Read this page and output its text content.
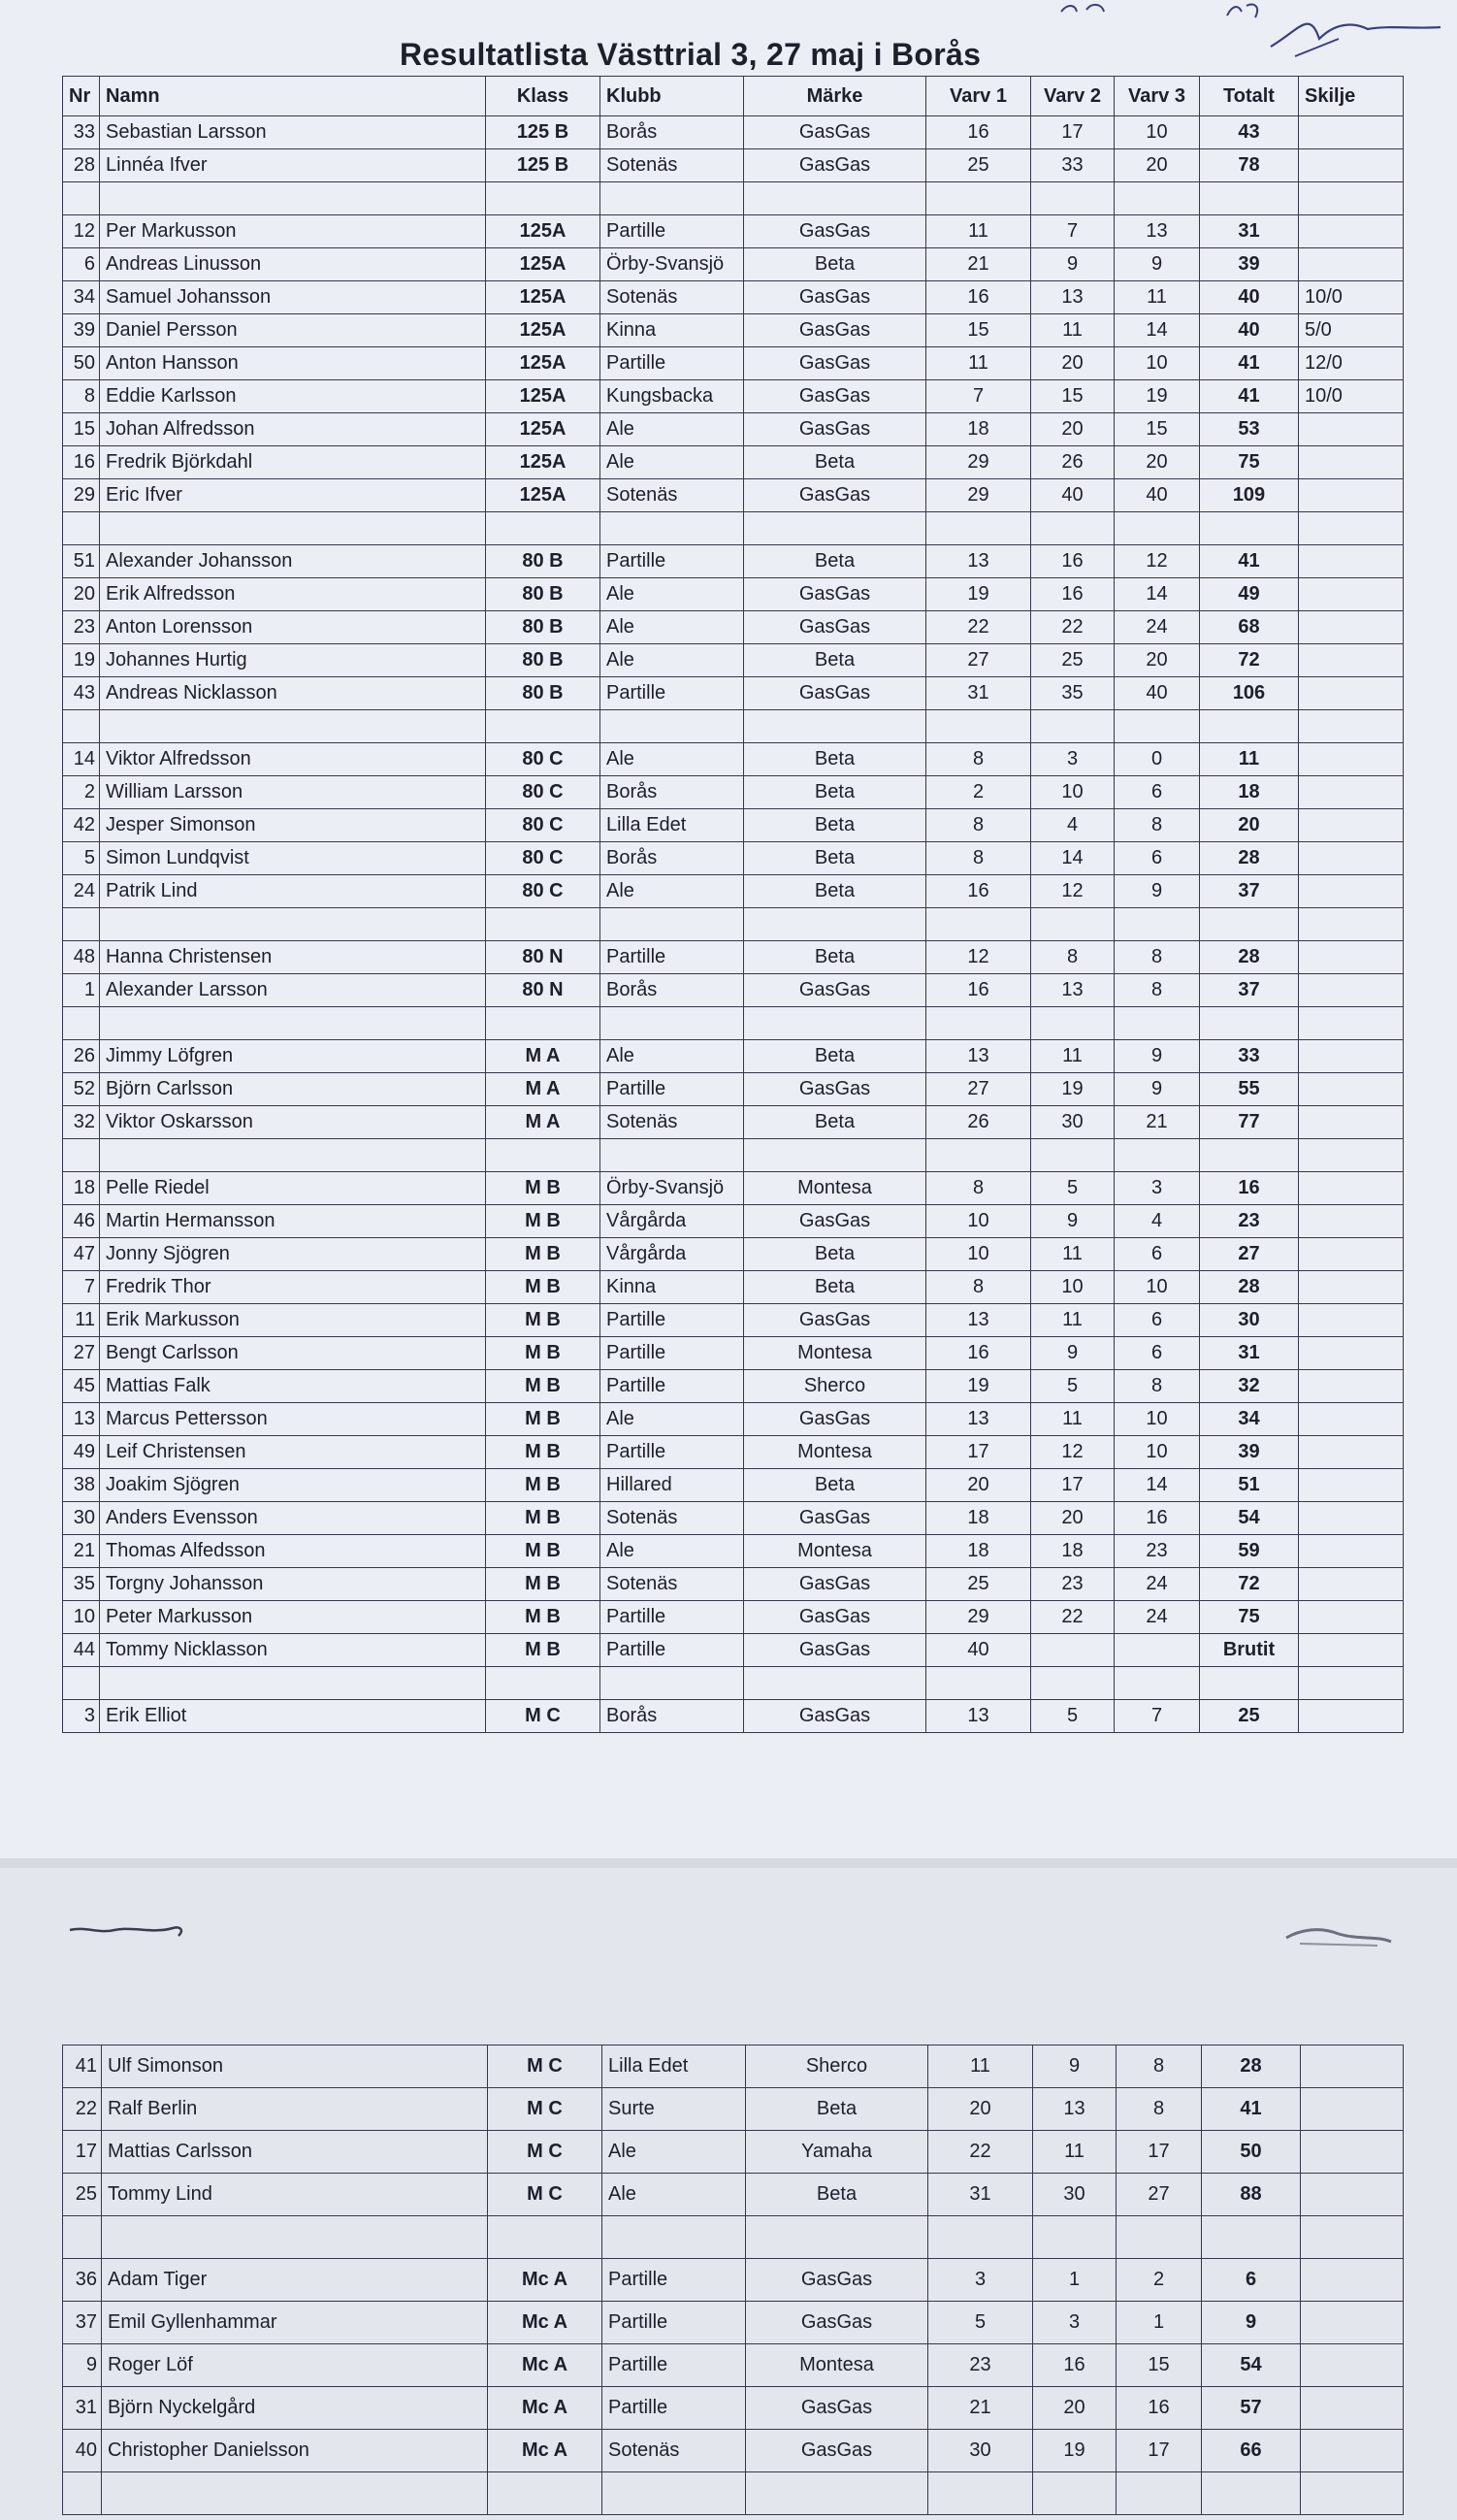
Resultatlista Västtrial 3, 27 maj i Borås
Nr	Namn	Klass	Klubb	Märke	Varv 1	Varv 2	Varv 3	Totalt	Skilje
33	Sebastian Larsson	125 B	Borås	GasGas	16	17	10	43	
28	Linnéa Ifver	125 B	Sotenäs	GasGas	25	33	20	78	

12	Per Markusson	125A	Partille	GasGas	11	7	13	31	
6	Andreas Linusson	125A	Örby-Svansjö	Beta	21	9	9	39	
34	Samuel Johansson	125A	Sotenäs	GasGas	16	13	11	40	10/0
39	Daniel Persson	125A	Kinna	GasGas	15	11	14	40	5/0
50	Anton Hansson	125A	Partille	GasGas	11	20	10	41	12/0
8	Eddie Karlsson	125A	Kungsbacka	GasGas	7	15	19	41	10/0
15	Johan Alfredsson	125A	Ale	GasGas	18	20	15	53	
16	Fredrik Björkdahl	125A	Ale	Beta	29	26	20	75	
29	Eric Ifver	125A	Sotenäs	GasGas	29	40	40	109	

51	Alexander Johansson	80 B	Partille	Beta	13	16	12	41	
20	Erik Alfredsson	80 B	Ale	GasGas	19	16	14	49	
23	Anton Lorensson	80 B	Ale	GasGas	22	22	24	68	
19	Johannes Hurtig	80 B	Ale	Beta	27	25	20	72	
43	Andreas Nicklasson	80 B	Partille	GasGas	31	35	40	106	

14	Viktor Alfredsson	80 C	Ale	Beta	8	3	0	11	
2	William Larsson	80 C	Borås	Beta	2	10	6	18	
42	Jesper Simonson	80 C	Lilla Edet	Beta	8	4	8	20	
5	Simon Lundqvist	80 C	Borås	Beta	8	14	6	28	
24	Patrik Lind	80 C	Ale	Beta	16	12	9	37	

48	Hanna Christensen	80 N	Partille	Beta	12	8	8	28	
1	Alexander Larsson	80 N	Borås	GasGas	16	13	8	37	

26	Jimmy Löfgren	M A	Ale	Beta	13	11	9	33	
52	Björn Carlsson	M A	Partille	GasGas	27	19	9	55	
32	Viktor Oskarsson	M A	Sotenäs	Beta	26	30	21	77	

18	Pelle Riedel	M B	Örby-Svansjö	Montesa	8	5	3	16	
46	Martin Hermansson	M B	Vårgårda	GasGas	10	9	4	23	
47	Jonny Sjögren	M B	Vårgårda	Beta	10	11	6	27	
7	Fredrik Thor	M B	Kinna	Beta	8	10	10	28	
11	Erik Markusson	M B	Partille	GasGas	13	11	6	30	
27	Bengt Carlsson	M B	Partille	Montesa	16	9	6	31	
45	Mattias Falk	M B	Partille	Sherco	19	5	8	32	
13	Marcus Pettersson	M B	Ale	GasGas	13	11	10	34	
49	Leif Christensen	M B	Partille	Montesa	17	12	10	39	
38	Joakim Sjögren	M B	Hillared	Beta	20	17	14	51	
30	Anders Evensson	M B	Sotenäs	GasGas	18	20	16	54	
21	Thomas Alfedsson	M B	Ale	Montesa	18	18	23	59	
35	Torgny Johansson	M B	Sotenäs	GasGas	25	23	24	72	
10	Peter Markusson	M B	Partille	GasGas	29	22	24	75	
44	Tommy Nicklasson	M B	Partille	GasGas	40			Brutit	

3	Erik Elliot	M C	Borås	GasGas	13	5	7	25	
41	Ulf Simonson	M C	Lilla Edet	Sherco	11	9	8	28	
22	Ralf Berlin	M C	Surte	Beta	20	13	8	41	
17	Mattias Carlsson	M C	Ale	Yamaha	22	11	17	50	
25	Tommy Lind	M C	Ale	Beta	31	30	27	88	

36	Adam Tiger	Mc A	Partille	GasGas	3	1	2	6	
37	Emil Gyllenhammar	Mc A	Partille	GasGas	5	3	1	9	
9	Roger Löf	Mc A	Partille	Montesa	23	16	15	54	
31	Björn Nyckelgård	Mc A	Partille	GasGas	21	20	16	57	
40	Christopher Danielsson	Mc A	Sotenäs	GasGas	30	19	17	66	
